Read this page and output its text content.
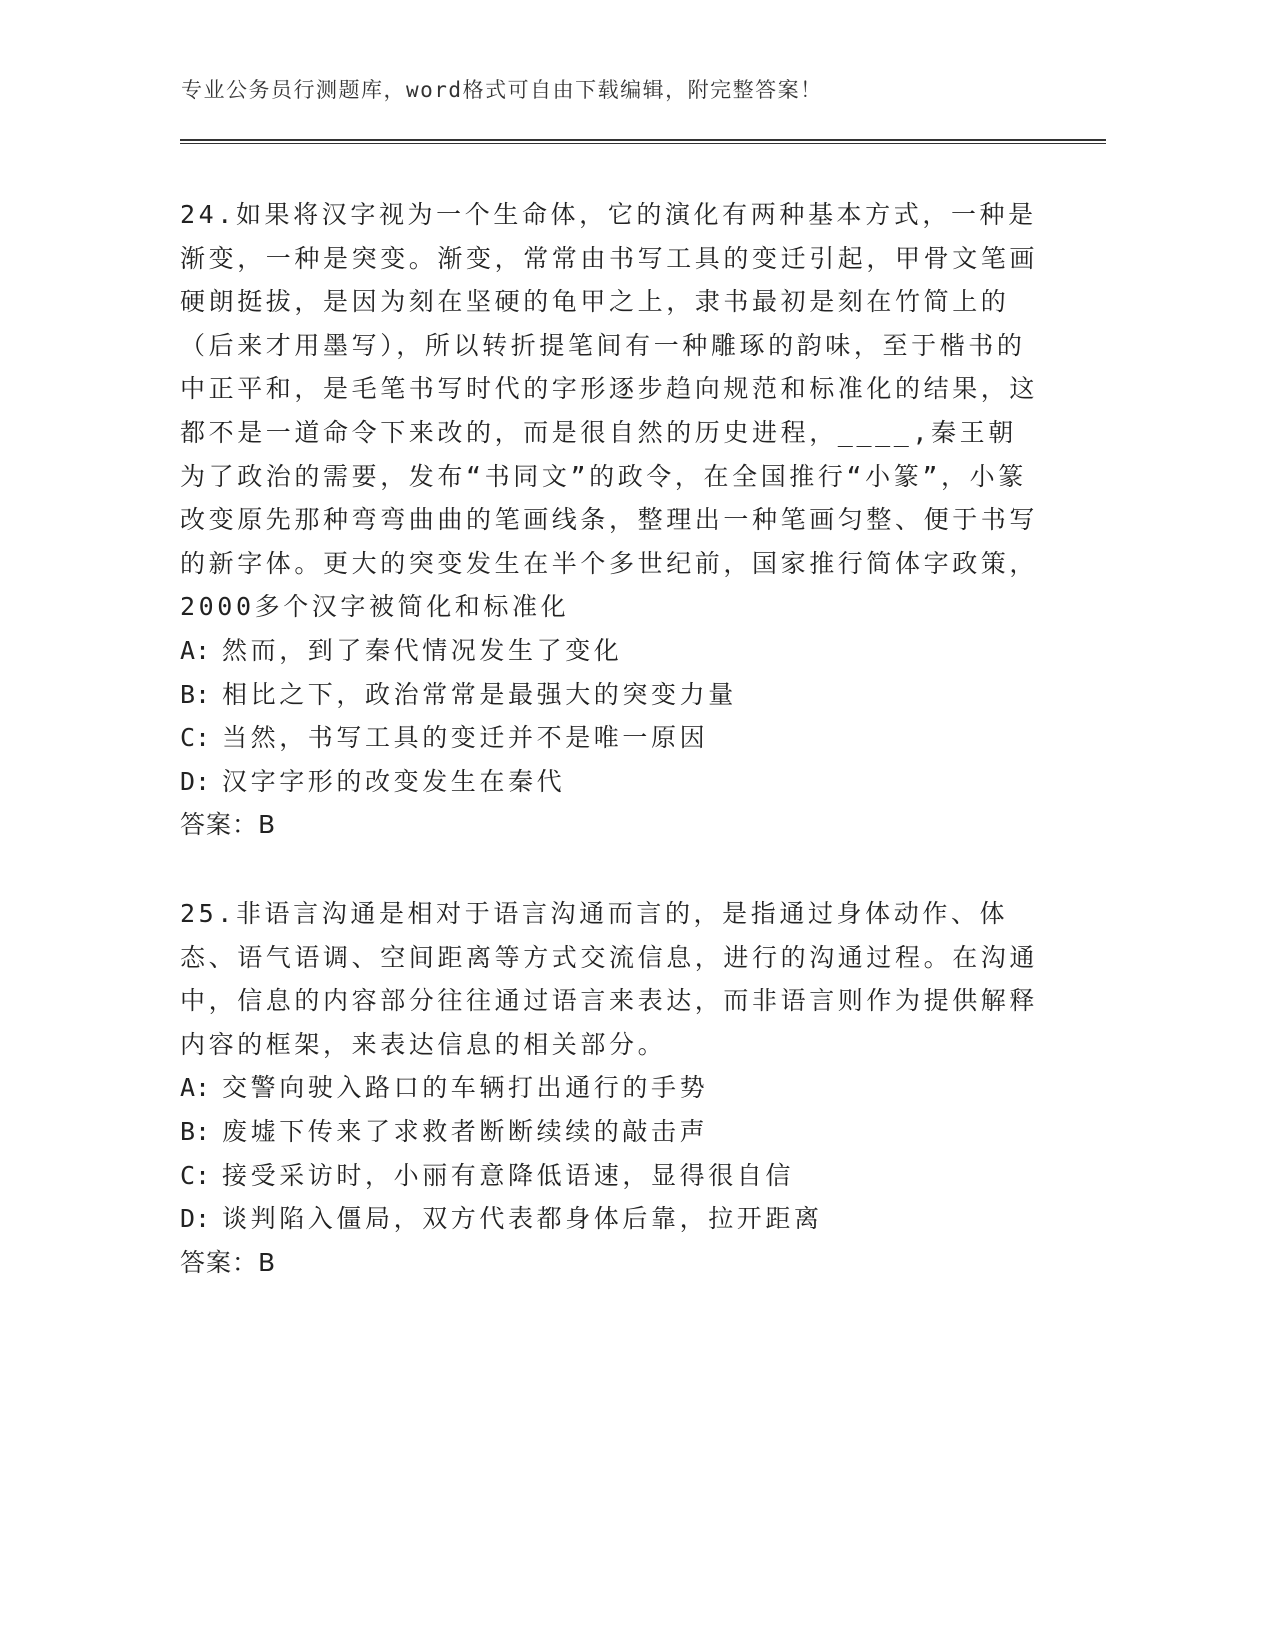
专业公务员行测题库，word格式可自由下载编辑，附完整答案！

24.如果将汉字视为一个生命体，它的演化有两种基本方式，一种是渐变，一种是突变。渐变，常常由书写工具的变迁引起，甲骨文笔画硬朗挺拔，是因为刻在坚硬的龟甲之上，隶书最初是刻在竹简上的（后来才用墨写），所以转折提笔间有一种雕琢的韵味，至于楷书的中正平和，是毛笔书写时代的字形逐步趋向规范和标准化的结果，这都不是一道命令下来改的，而是很自然的历史进程，____,秦王朝为了政治的需要，发布“书同文”的政令，在全国推行“小篆”，小篆改变原先那种弯弯曲曲的笔画线条，整理出一种笔画匀整、便于书写的新字体。更大的突变发生在半个多世纪前，国家推行简体字政策，2000多个汉字被简化和标准化

A: 然而，到了秦代情况发生了变化

B: 相比之下，政治常常是最强大的突变力量

C: 当然，书写工具的变迁并不是唯一原因

D: 汉字字形的改变发生在秦代

答案：B

25.非语言沟通是相对于语言沟通而言的，是指通过身体动作、体态、语气语调、空间距离等方式交流信息，进行的沟通过程。在沟通中，信息的内容部分往往通过语言来表达，而非语言则作为提供解释内容的框架，来表达信息的相关部分。

A: 交警向驶入路口的车辆打出通行的手势

B: 废墟下传来了求救者断断续续的敲击声

C: 接受采访时，小丽有意降低语速，显得很自信

D: 谈判陷入僵局，双方代表都身体后靠，拉开距离

答案：B
